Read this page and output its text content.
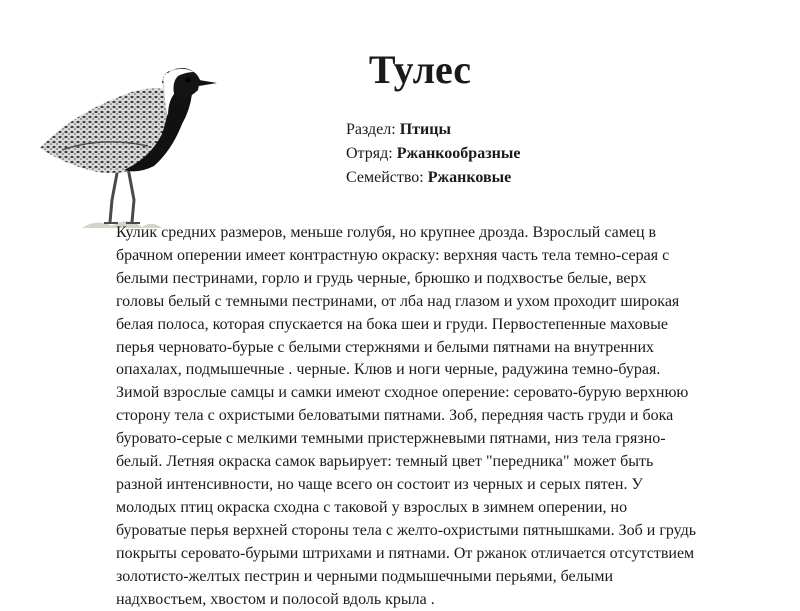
Тулес
Раздел: Птицы
Отряд: Ржанкообразные
Семейство: Ржанковые
Кулик средних размеров, меньше голубя, но крупнее дрозда. Взрослый самец в
брачном оперении имеет контрастную окраску: верхняя часть тела темно-серая с
белыми пестринами, горло и грудь черные, брюшко и подхвостье белые, верх
головы белый с темными пестринами, от лба над глазом и ухом проходит широкая
белая полоса, которая спускается на бока шеи и груди. Первостепенные маховые
перья черновато-бурые с белыми стержнями и белыми пятнами на внутренних
опахалах, подмышечные . черные. Клюв и ноги черные, радужина темно-бурая.
Зимой взрослые самцы и самки имеют сходное оперение: серовато-бурую верхнюю
сторону тела с охристыми беловатыми пятнами. Зоб, передняя часть груди и бока
буровато-серые с мелкими темными пристержневыми пятнами, низ тела грязно-
белый. Летняя окраска самок варьирует: темный цвет "передника" может быть
разной интенсивности, но чаще всего он состоит из черных и серых пятен. У
молодых птиц окраска сходна с таковой у взрослых в зимнем оперении, но
буроватые перья верхней стороны тела с желто-охристыми пятнышками. Зоб и грудь
покрыты серовато-бурыми штрихами и пятнами. От ржанок отличается отсутствием
золотисто-желтых пестрин и черными подмышечными перьями, белыми
надхвостьем, хвостом и полосой вдоль крыла .
